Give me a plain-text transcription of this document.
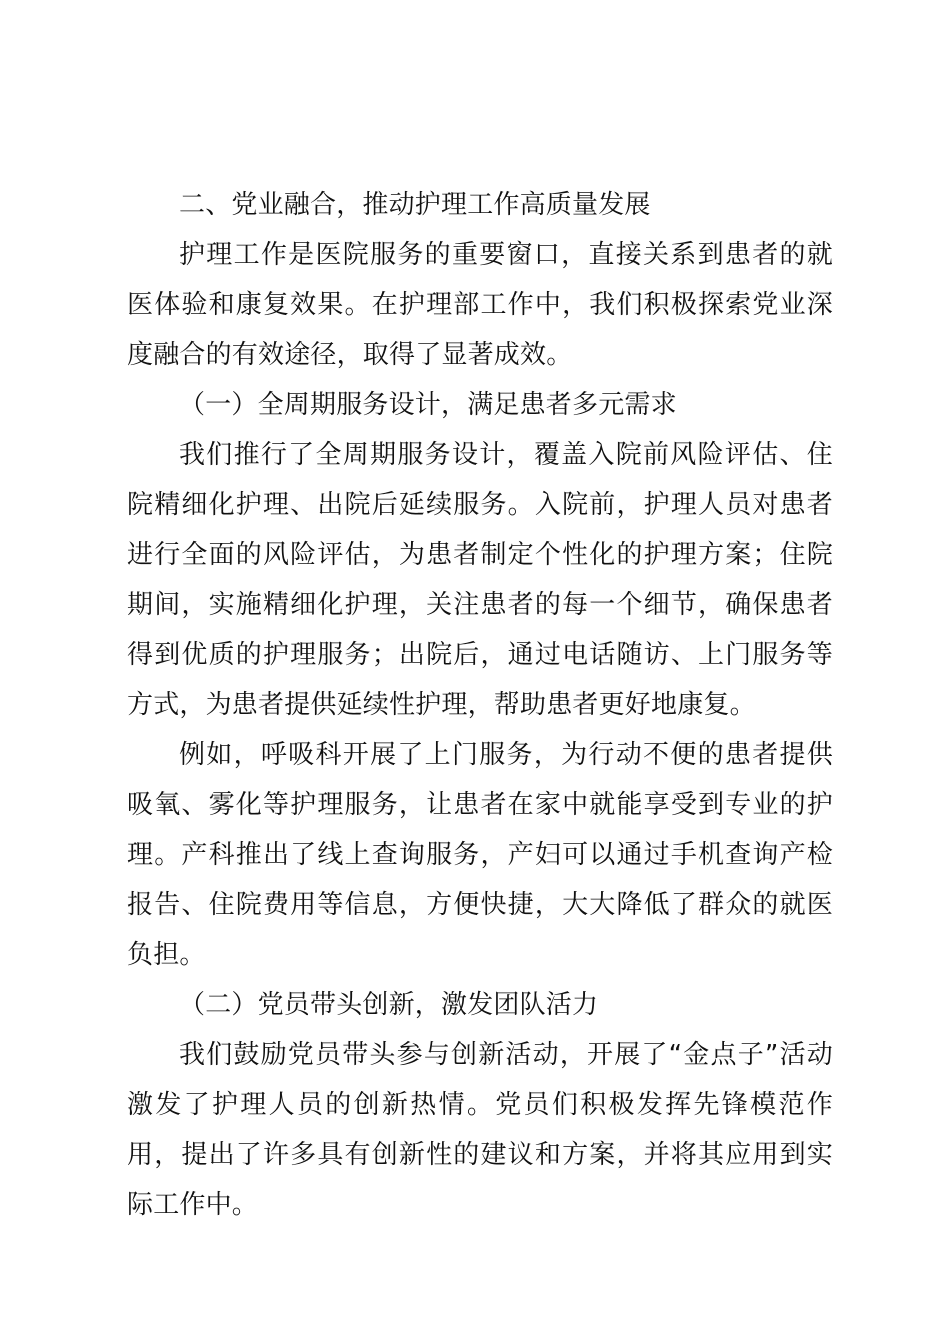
二、党业融合，推动护理工作高质量发展

护理工作是医院服务的重要窗口，直接关系到患者的就医体验和康复效果。在护理部工作中，我们积极探索党业深度融合的有效途径，取得了显著成效。

（一）全周期服务设计，满足患者多元需求

我们推行了全周期服务设计，覆盖入院前风险评估、住院精细化护理、出院后延续服务。入院前，护理人员对患者进行全面的风险评估，为患者制定个性化的护理方案；住院期间，实施精细化护理，关注患者的每一个细节，确保患者得到优质的护理服务；出院后，通过电话随访、上门服务等方式，为患者提供延续性护理，帮助患者更好地康复。

例如，呼吸科开展了上门服务，为行动不便的患者提供吸氧、雾化等护理服务，让患者在家中就能享受到专业的护理。产科推出了线上查询服务，产妇可以通过手机查询产检报告、住院费用等信息，方便快捷，大大降低了群众的就医负担。

（二）党员带头创新，激发团队活力

我们鼓励党员带头参与创新活动，开展了“金点子”活动激发了护理人员的创新热情。党员们积极发挥先锋模范作用，提出了许多具有创新性的建议和方案，并将其应用到实际工作中。
